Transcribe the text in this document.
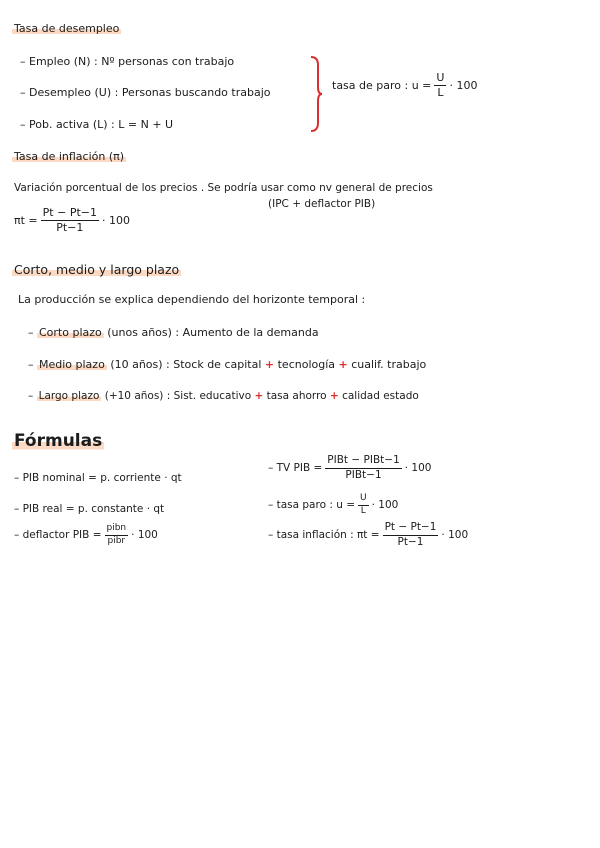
Tasa de desempleo
– Empleo (N) : Nº personas con trabajo
– Desempleo (U) : Personas buscando trabajo
– Pob. activa (L) : L = N + U
tasa de paro : $u = \frac{U}{L} \cdot 100$
Tasa de inflación (π)
Variación porcentual de los precios . Se podría usar como nv general de precios
(IPC + deflactor PIB)
$\pi t = \frac{Pt - Pt-1}{Pt-1} \cdot 100$
Corto, medio y largo plazo
La producción se explica dependiendo del horizonte temporal :
– Corto plazo (unos años) : Aumento de la demanda
– Medio plazo (10 años) : Stock de capital + tecnología + cualif. trabajo
– Largo plazo (+10 años) : Sist. educativo + tasa ahorro + calidad estado
Fórmulas
– PIB nominal = p. corriente · qt
– PIB real = p. constante · qt
– deflactor PIB = $\frac{\text{pibn}}{\text{pibr}} \cdot 100$
– TV PIB = $\frac{\text{PIBt − PIBt−1}}{\text{PIBt−1}} \cdot 100$
– tasa paro : $u = \frac{U}{L} \cdot 100$
– tasa inflación : $\pi t = \frac{Pt - Pt-1}{Pt-1} \cdot 100$
